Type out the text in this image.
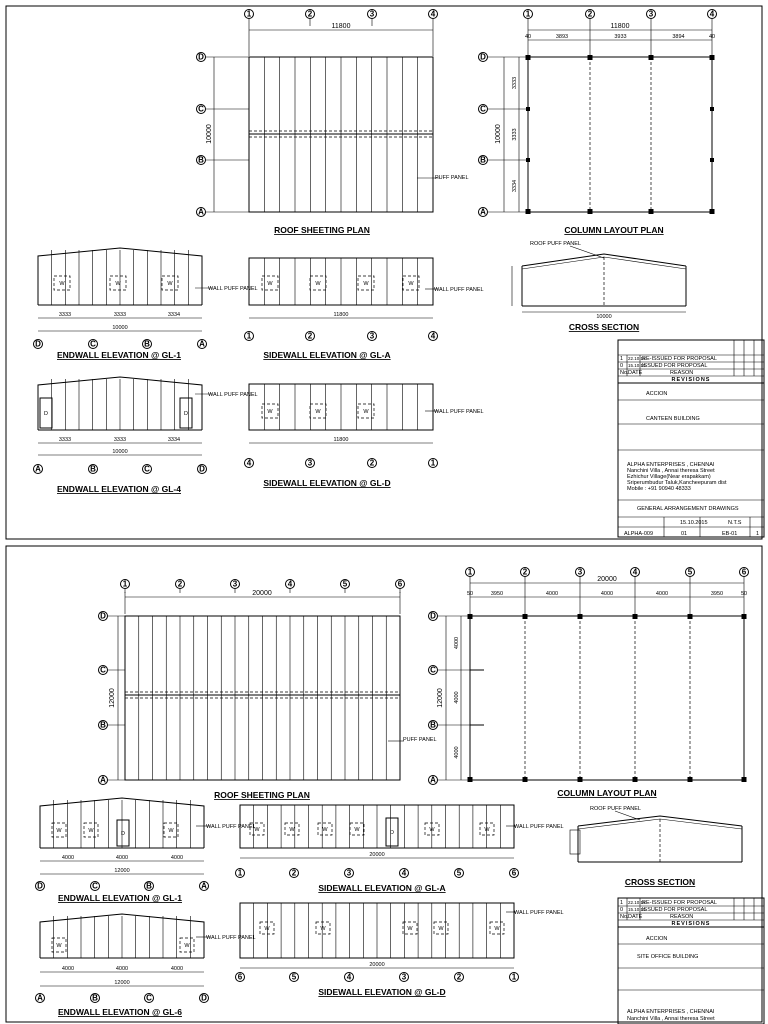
1	2	3	4
11800
D
C
B
A
10000
PUFF PANEL
ROOF SHEETING PLAN
1	2	3	4
11800
40	3893	3933	3894	40
D
C
B
A
10000
3333
3333
3334
COLUMN LAYOUT PLAN
ROOF PUFF PANEL
10000
CROSS SECTION
W	W	W
WALL PUFF PANEL
3333	3333	3334
10000
D	C	B	A
ENDWALL ELEVATION @ GL-1
W	W	W	W
WALL PUFF PANEL
11800
1	2	3	4
SIDEWALL ELEVATION @ GL-A
D	D
WALL PUFF PANEL
3333	3333	3334
10000
A	B	C	D
ENDWALL ELEVATION @ GL-4
W	W	W	WALL PUFF PANEL
11800
4	3	2	1
SIDEWALL ELEVATION @ GL-D
1 22.10.15
RE-ISSUED FOR PROPOSAL
0 15.10.15
ISSUED FOR PROPOSAL
No. DATE	REASON
REVISIONS
ACCION
CANTEEN BUILDING
ALPHA ENTERPRISES , CHENNAI
Nanchini Villa , Annai theresa Street
Ezhichur Village(Near erapakkam)
Sriperumbudur Taluk,Kancheepuram dist
Mobile : +91 90940 48333
GENERAL ARRANGEMENT DRAWINGS
15.10.2015	N.T.S
ALPHA-009	01	EB-01	1
1	2	3	4	5	6
20000
D
C
B
A
12000
PUFF PANEL
ROOF SHEETING PLAN
1	2	3	4	5	6
20000
50	3950	4000	4000	4000	3950	50
D
C
B
A
12000
4000
4000
4000
COLUMN LAYOUT PLAN
ROOF PUFF PANEL
CROSS SECTION
W	W	D	W
WALL PUFF PANEL
4000	4000	4000
12000
D	C	B	A
ENDWALL ELEVATION @ GL-1
W	W	W	W	D	W	W	WALL PUFF PANEL
20000
1	2	3	4	5	6
SIDEWALL ELEVATION @ GL-A
W	W
WALL PUFF PANEL
4000	4000	4000
12000
A	B	C	D
ENDWALL ELEVATION @ GL-6
W	W	W	W	W
WALL PUFF PANEL
20000
6	5	4	3	2	1
SIDEWALL ELEVATION @ GL-D
1 22.10.15
RE-ISSUED FOR PROPOSAL
0 15.10.15
ISSUED FOR PROPOSAL
No. DATE	REASON
REVISIONS
ACCION
SITE OFFICE BUILDING
ALPHA ENTERPRISES , CHENNAI
Nanchini Villa , Annai theresa Street
